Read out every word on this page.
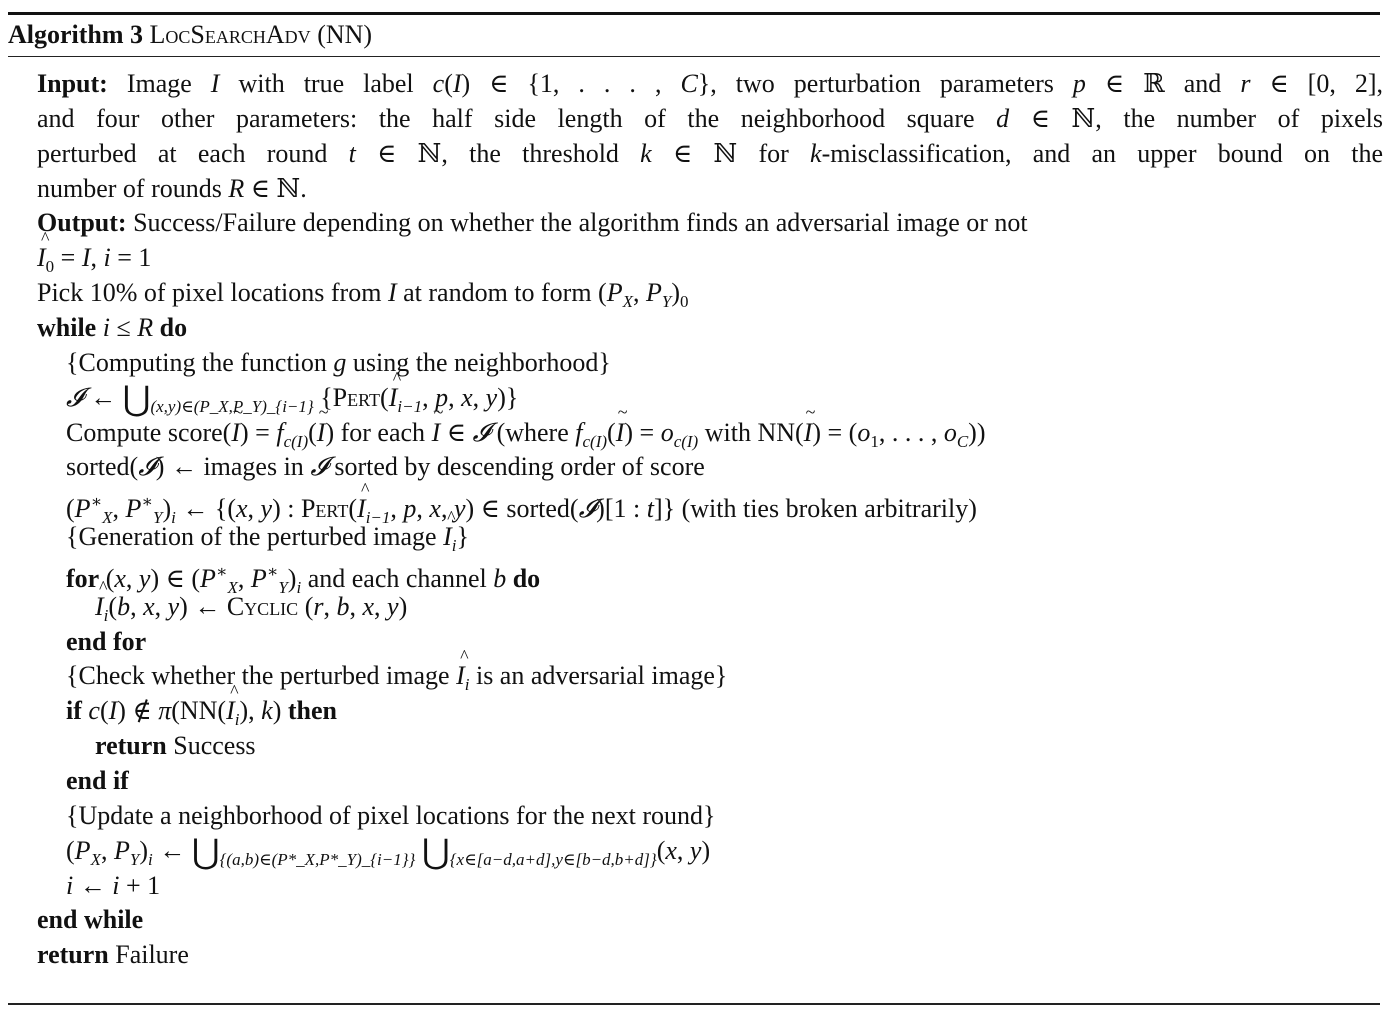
Algorithm 3 LocSearchAdv (NN)
Input: Image I with true label c(I) ∈ {1, . . . , C}, two perturbation parameters p ∈ ℝ and r ∈ [0, 2],
and four other parameters: the half side length of the neighborhood square d ∈ ℕ, the number of pixels
perturbed at each round t ∈ ℕ, the threshold k ∈ ℕ for k-misclassification, and an upper bound on the
number of rounds R ∈ ℕ.
Output: Success/Failure depending on whether the algorithm finds an adversarial image or not
^ $I_0 = I$, i = 1
Pick 10% of pixel locations from I at random to form ($P_X$, $P_Y)_0$
while i ≤ R do
{Computing the function g using the neighborhood}
𝓘 ← $⋃_{(x,y)\in(P\_X,P\_Y)\_\{i-1\}}$ {Pert(^ $I_{i-1}$, p, x, y)}
Compute score(~ $I) = f_{c(I)}(\sim$ I) for each ~ I ∈ 𝓘 (where $f_{c(I)}(\sim$ $I) = o_{c(I)}$ with NN(~ $I) = (o_1$, . . . , $o_C$))
sorted(𝓘) ← images in 𝓘 sorted by descending order of score
($P^∗_X$, $P^∗_Y)_i$ ← {(x, y) : Pert(^ $I_{i-1}$, p, x, y) ∈ sorted(𝓘)[1 : t]} (with ties broken arbitrarily)
{Generation of the perturbed image ^ $I_i$}
for (x, y) ∈ ($P^∗_X$, $P^∗_Y)_i$ and each channel b do
^ $I_i(b$, x, y) ← Cyclic (r, b, x, y)
end for
{Check whether the perturbed image ^ $I_i$ is an adversarial image}
if c(I) ∉ π(NN(^ $I_i$), k) then
return Success
end if
{Update a neighborhood of pixel locations for the next round}
($P_X$, $P_Y)_i$ ← $⋃_{\{(a,b)\in(P*\_X,P*\_Y)\_\{i-1\}\}}$ $⋃_{\{x\in[a-d,a+d],y\in[b-d,b+d]\}}(x$, y)
i ← i + 1
end while
return Failure
